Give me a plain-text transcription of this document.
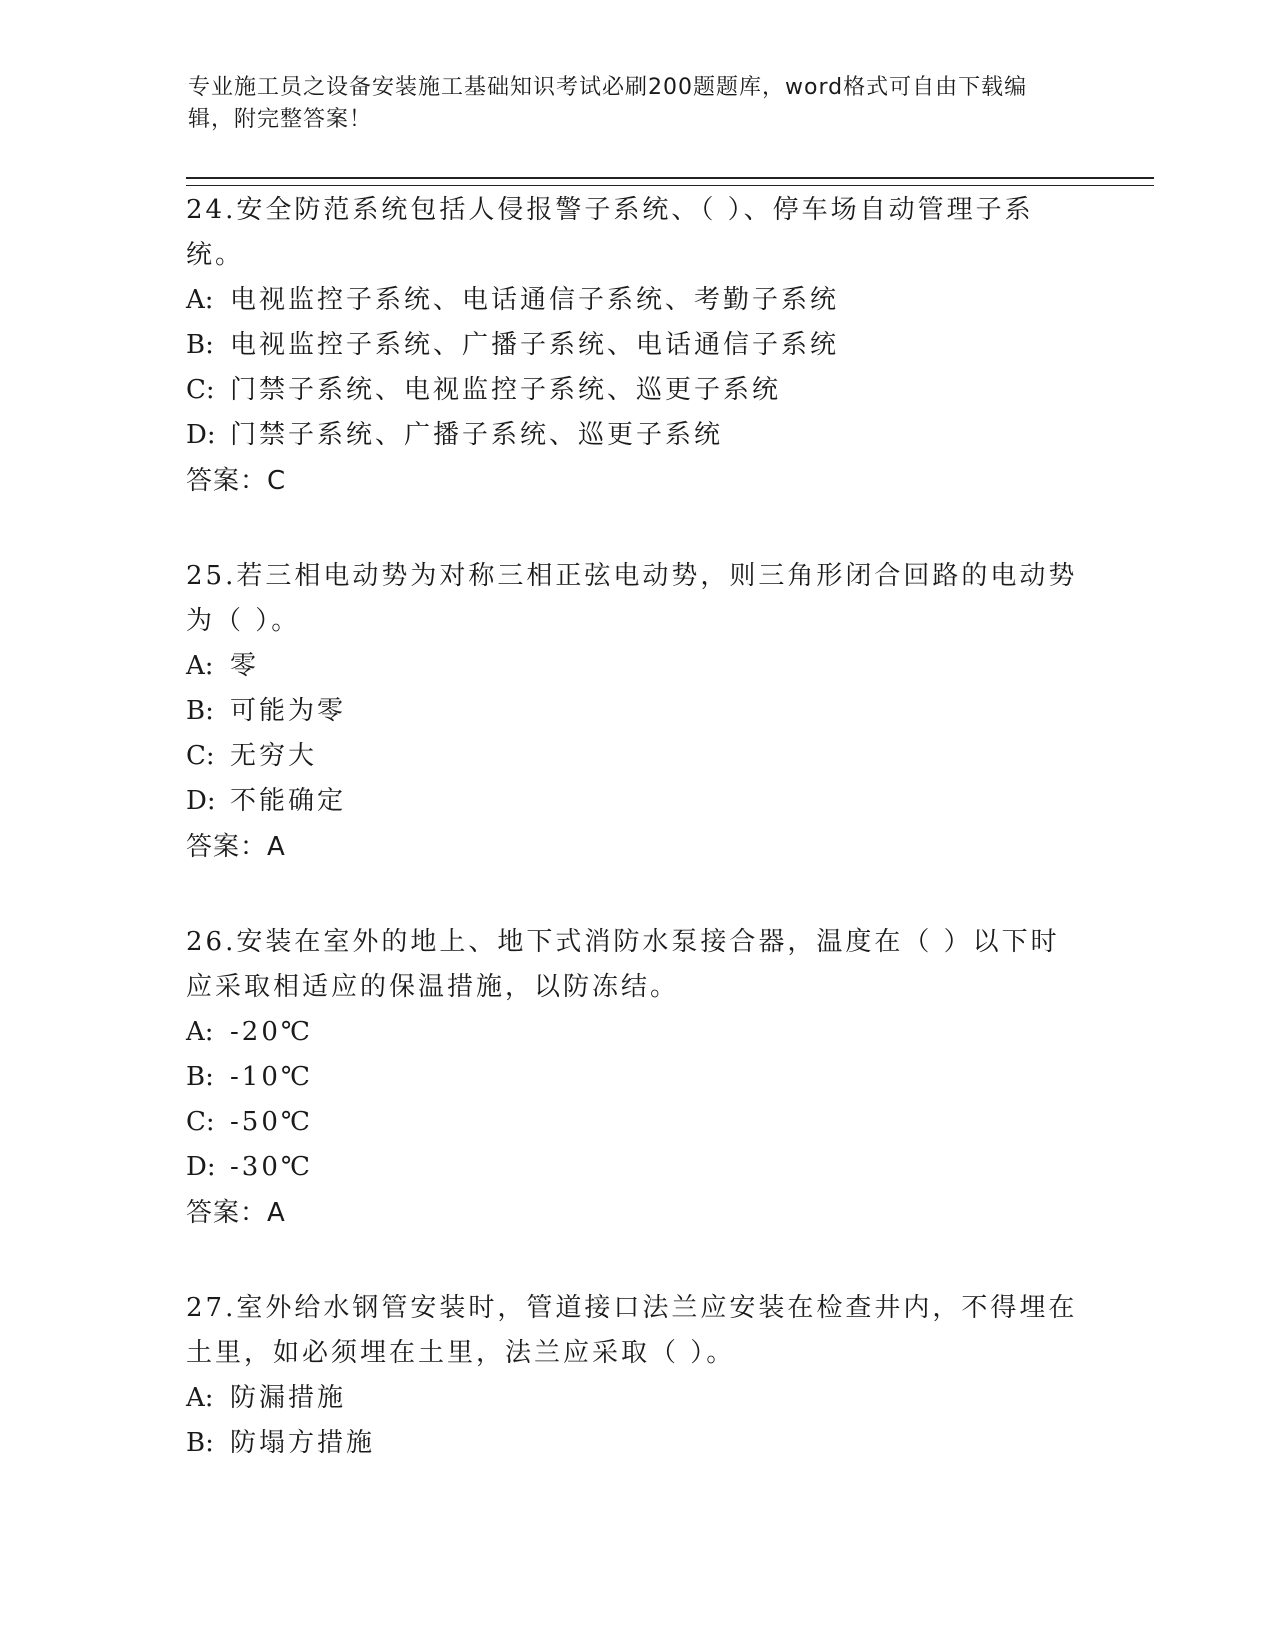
专业施工员之设备安装施工基础知识考试必刷200题题库，word格式可自由下载编辑，附完整答案！

24.安全防范系统包括人侵报警子系统、（ ）、停车场自动管理子系统。

A: 电视监控子系统、电话通信子系统、考勤子系统

B: 电视监控子系统、广播子系统、电话通信子系统

C: 门禁子系统、电视监控子系统、巡更子系统

D: 门禁子系统、广播子系统、巡更子系统

答案：C

25.若三相电动势为对称三相正弦电动势，则三角形闭合回路的电动势为（ ）。

A: 零

B: 可能为零

C: 无穷大

D: 不能确定

答案：A

26.安装在室外的地上、地下式消防水泵接合器，温度在（ ）以下时应采取相适应的保温措施，以防冻结。

A: -20℃

B: -10℃

C: -50℃

D: -30℃

答案：A

27.室外给水钢管安装时，管道接口法兰应安装在检查井内，不得埋在土里，如必须埋在土里，法兰应采取（ ）。

A: 防漏措施

B: 防塌方措施
